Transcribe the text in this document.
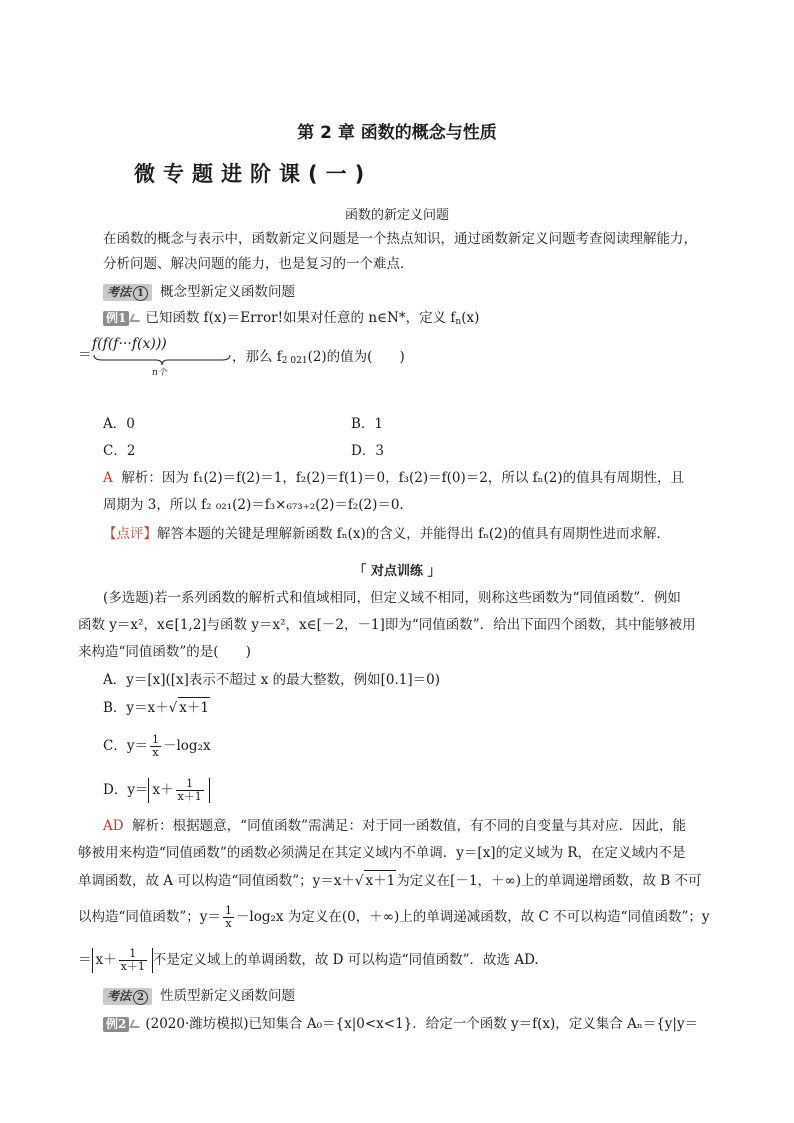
第 2 章 函数的概念与性质
微专题进阶课(一)
函数的新定义问题
在函数的概念与表示中，函数新定义问题是一个热点知识，通过函数新定义问题考查阅读理解能力，
分析问题、解决问题的能力，也是复习的一个难点．
考法 1 概念型新定义函数问题
例1 已知函数 f(x)＝Error!如果对任意的 n∈N*，定义 $f_n(x)$
＝
f(f(f···f(x)))
n个
，那么 $f_{2 021}(2)$的值为(　　)
A．0	B．1
C．2	D．3
A 解析：因为 f₁(2)＝f(2)＝1，f₂(2)＝f(1)＝0，f₃(2)＝f(0)＝2，所以 fₙ(2)的值具有周期性，且
周期为 3，所以 f₂ ₀₂₁(2)＝f₃×₆₇₃₊₂(2)＝f₂(2)＝0．
【点评】解答本题的关键是理解新函数 fₙ(x)的含义，并能得出 fₙ(2)的值具有周期性进而求解．
「 对点训练 」
(多选题)若一系列函数的解析式和值域相同，但定义域不相同，则称这些函数为“同值函数”．例如
函数 y＝x²，x∈[1,2]与函数 y＝x²，x∈[－2，－1]即为“同值函数”．给出下面四个函数，其中能够被用
来构造“同值函数”的是(　　)
A．y＝[x]([x]表示不超过 x 的最大整数，例如[0.1]＝0)
B．y＝x＋√ x＋1
C．$y= \frac{1}{x} -\log_2x$
D．$y= x+ \frac{1}{x+1}$
AD 解析：根据题意，“同值函数”需满足：对于同一函数值，有不同的自变量与其对应．因此，能
够被用来构造“同值函数”的函数必须满足在其定义域内不单调．y＝[x]的定义域为 R，在定义域内不是
单调函数，故 A 可以构造“同值函数”；y＝x＋√ x＋1为定义在[－1，＋∞)上的单调递增函数，故 B 不可
以构造“同值函数”；$y= \frac{1}{x} -\log_2x$ 为定义在(0，＋∞)上的单调递减函数，故 C 不可以构造“同值函数”；y
＝ $x+ \frac{1}{x+1}$ 不是定义域上的单调函数，故 D 可以构造“同值函数”．故选 AD.
考法 2 性质型新定义函数问题
例2 (2020·潍坊模拟)已知集合 A₀＝{x|0<x<1}．给定一个函数 y＝f(x)，定义集合 Aₙ＝{y|y＝
